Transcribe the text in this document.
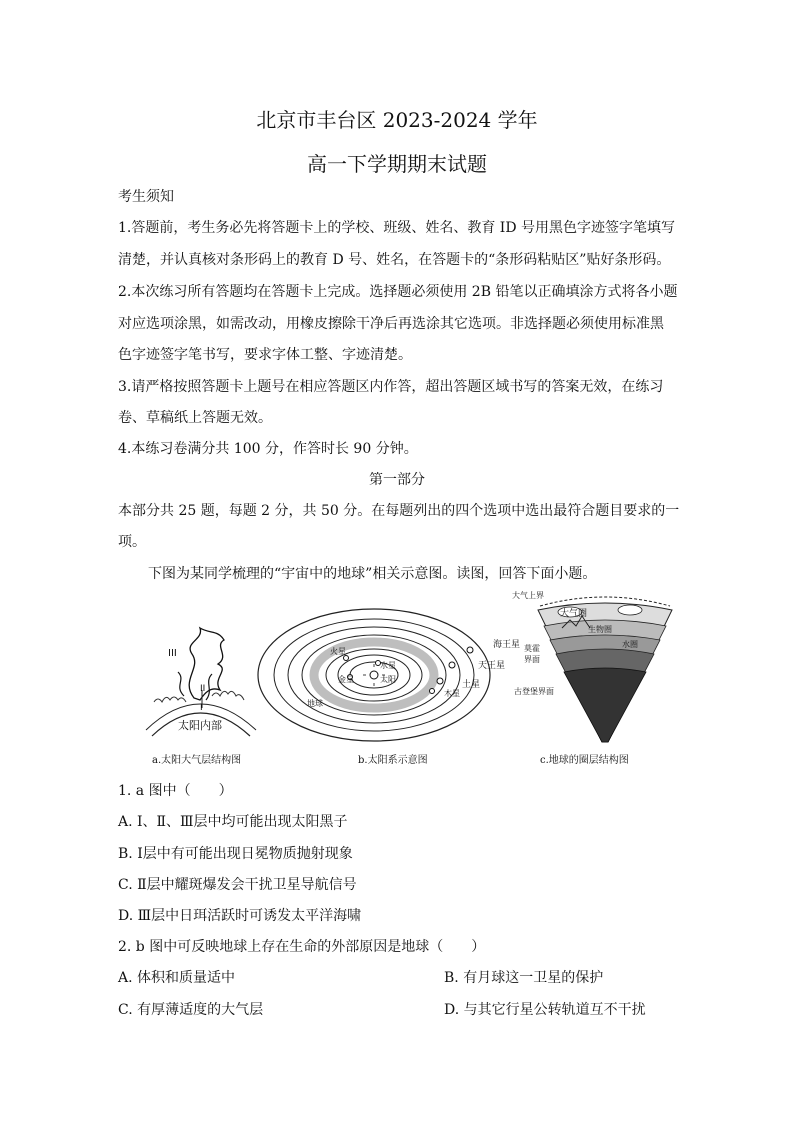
北京市丰台区 2023-2024 学年
高一下学期期末试题
考生须知
1.答题前，考生务必先将答题卡上的学校、班级、姓名、教育 ID 号用黑色字迹签字笔填写
清楚，并认真核对条形码上的教育 D 号、姓名，在答题卡的“条形码粘贴区”贴好条形码。
2.本次练习所有答题均在答题卡上完成。选择题必须使用 2B 铅笔以正确填涂方式将各小题
对应选项涂黑，如需改动，用橡皮擦除干净后再选涂其它选项。非选择题必须使用标准黑
色字迹签字笔书写，要求字体工整、字迹清楚。
3.请严格按照答题卡上题号在相应答题区内作答，超出答题区域书写的答案无效，在练习
卷、草稿纸上答题无效。
4.本练习卷满分共 100 分，作答时长 90 分钟。
第一部分
本部分共 25 题，每题 2 分，共 50 分。在每题列出的四个选项中选出最符合题目要求的一
项。
下图为某同学梳理的“宇宙中的地球”相关示意图。读图，回答下面小题。
III
II
I
太阳内部
a.太阳大气层结构图
海王星
天王星
土星
木星
水星
太阳
金星
火星
地球
b.太阳系示意图
大气上界
大气圈
生物圈
水圈
莫霍
界面
古登堡界面
c.地球的圈层结构图
1. a 图中（　　）
A. Ⅰ、Ⅱ、Ⅲ层中均可能出现太阳黑子
B. Ⅰ层中有可能出现日冕物质抛射现象
C. Ⅱ层中耀斑爆发会干扰卫星导航信号
D. Ⅲ层中日珥活跃时可诱发太平洋海啸
2. b 图中可反映地球上存在生命的外部原因是地球（　　）
A. 体积和质量适中	B. 有月球这一卫星的保护
C. 有厚薄适度的大气层	D. 与其它行星公转轨道互不干扰
